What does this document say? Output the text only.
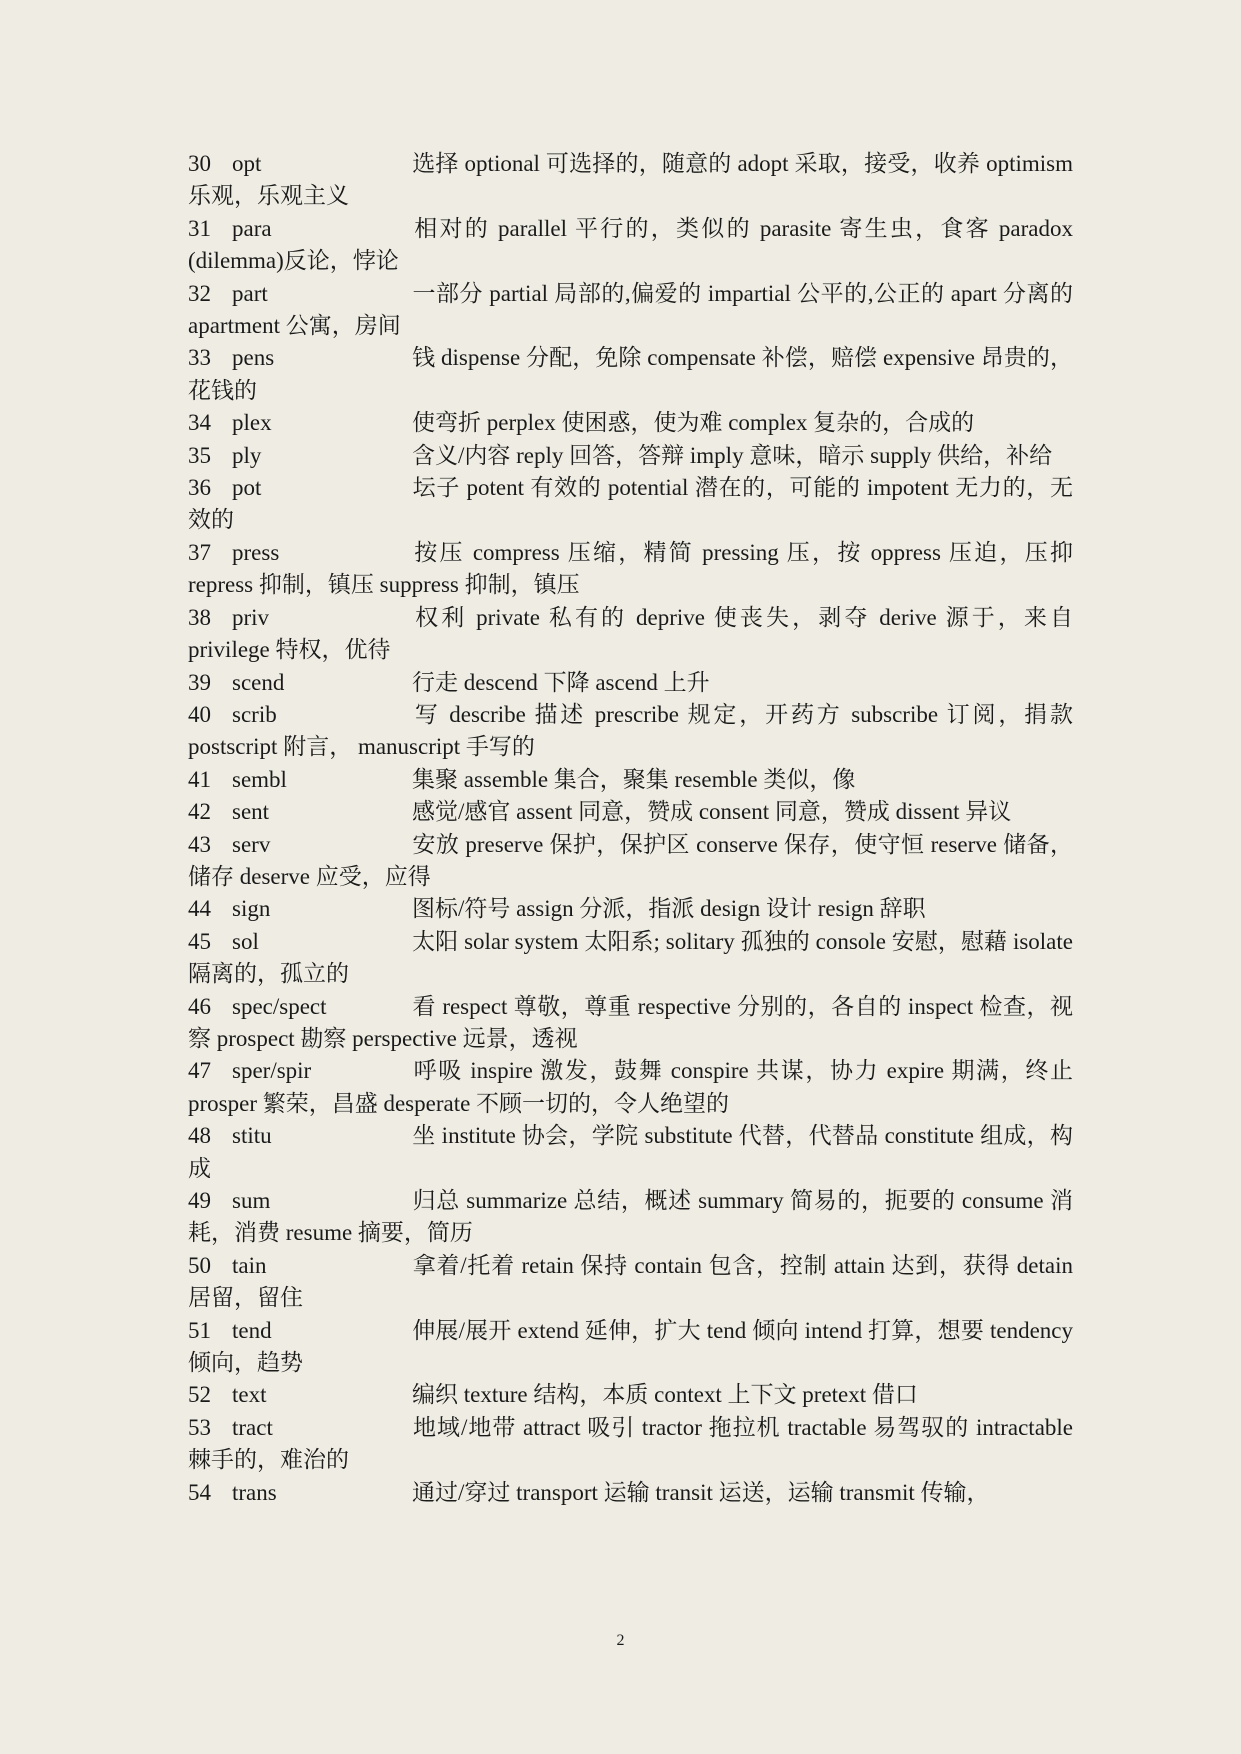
30 opt	选择 optional 可选择的，随意的 adopt 采取，接受，收养 optimism 乐观，乐观主义
31 para	相对的 parallel 平行的，类似的 parasite 寄生虫，食客 paradox (dilemma)反论，悖论
32 part	一部分 partial 局部的,偏爱的 impartial 公平的,公正的 apart 分离的 apartment 公寓，房间
33 pens	钱 dispense 分配，免除 compensate 补偿，赔偿 expensive 昂贵的，花钱的
34 plex	使弯折 perplex 使困惑，使为难 complex 复杂的，合成的
35 ply	含义/内容 reply 回答，答辩 imply 意味，暗示 supply 供给，补给
36 pot	坛子 potent 有效的 potential 潜在的，可能的 impotent 无力的，无效的
37 press	按压 compress 压缩，精简 pressing 压，按 oppress 压迫，压抑 repress 抑制，镇压 suppress 抑制，镇压
38 priv	权利 private 私有的 deprive 使丧失，剥夺 derive 源于，来自 privilege 特权，优待
39 scend	行走 descend 下降 ascend 上升
40 scrib	写 describe 描述 prescribe 规定，开药方 subscribe 订阅，捐款 postscript 附言， manuscript 手写的
41 sembl	集聚 assemble 集合，聚集 resemble 类似，像
42 sent	感觉/感官 assent 同意，赞成 consent 同意，赞成 dissent 异议
43 serv	安放 preserve 保护，保护区 conserve 保存，使守恒 reserve 储备，储存 deserve 应受，应得
44 sign	图标/符号 assign 分派，指派 design 设计 resign 辞职
45 sol	太阳 solar system 太阳系; solitary 孤独的 console 安慰，慰藉 isolate 隔离的，孤立的
46 spec/spect	看 respect 尊敬，尊重 respective 分别的，各自的 inspect 检查，视察 prospect 勘察 perspective 远景，透视
47 sper/spir	呼吸 inspire 激发，鼓舞 conspire 共谋，协力 expire 期满，终止 prosper 繁荣，昌盛 desperate 不顾一切的，令人绝望的
48 stitu	坐 institute 协会，学院 substitute 代替，代替品 constitute 组成，构成
49 sum	归总 summarize 总结，概述 summary 简易的，扼要的 consume 消耗，消费 resume 摘要，简历
50 tain	拿着/托着 retain 保持 contain 包含，控制 attain 达到，获得 detain 居留，留住
51 tend	伸展/展开 extend 延伸，扩大 tend 倾向 intend 打算，想要 tendency 倾向，趋势
52 text	编织 texture 结构，本质 context 上下文 pretext 借口
53 tract	地域/地带 attract 吸引 tractor 拖拉机 tractable 易驾驭的 intractable 棘手的，难治的
54 trans	通过/穿过 transport 运输 transit 运送，运输 transmit 传输，
2
